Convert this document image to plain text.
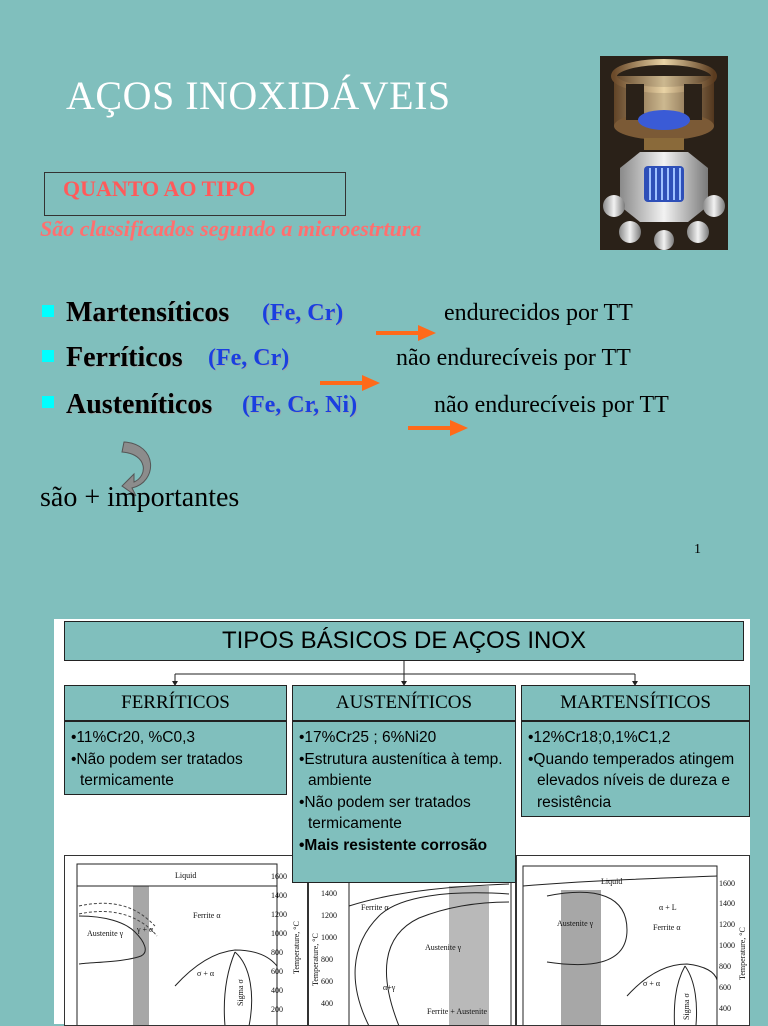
AÇOS INOXIDÁVEIS
QUANTO AO TIPO
São classificados segundo a microestrtura
Martensíticos (Fe, Cr)	endurecidos por TT
Ferríticos (Fe, Cr)	não endurecíveis por TT
Austeníticos (Fe, Cr, Ni)	não endurecíveis por TT
são + importantes
1
TIPOS BÁSICOS DE AÇOS INOX
FERRÍTICOS	AUSTENÍTICOS	MARTENSÍTICOS
Liquid
Ferrite α
Austenite γ γ + α
σ + α
Sigma σ
Temperature, °C
1600
1400
1200
1000
800
600
400
200
1400
1200
1000
800
600
400
Temperature, °C
Ferrite α
Austenite γ
α+γ
Ferrite + Austenite
Liquid
α + L
Ferrite α
Austenite γ
σ + α
Sigma σ
Temperature, °C
1600
1400
1200
1000
800
600
400
•11%Cr20, %C0,3
•Não podem ser tratados termicamente
•17%Cr25 ; 6%Ni20
•Estrutura austenítica à temp. ambiente
•Não podem ser tratados termicamente
•Mais resistente corrosão
•12%Cr18;0,1%C1,2
•Quando temperados atingem elevados níveis de dureza e resistência
